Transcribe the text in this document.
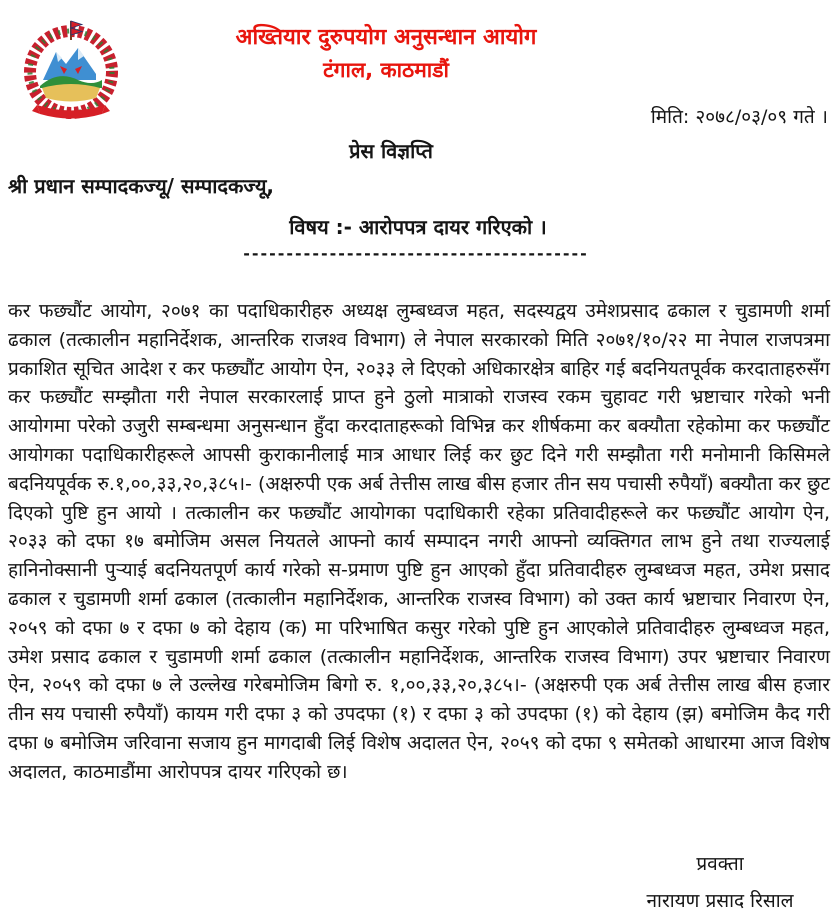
अख्तियार दुरुपयोग अनुसन्धान आयोग
टंगाल, काठमाडौं
मिति: २०७८/०३/०९ गते ।
प्रेस विज्ञप्ति
श्री प्रधान सम्पादकज्यू/ सम्पादकज्यू,
विषय :- आरोपपत्र दायर गरिएको ।
----------------------------------------
कर फछ्यौंट आयोग, २०७१ का पदाधिकारीहरु अध्यक्ष लुम्बध्वज महत, सदस्यद्वय उमेशप्रसाद ढकाल र चुडामणी शर्मा ढकाल (तत्कालीन महानिर्देशक, आन्तरिक राजश्व विभाग) ले नेपाल सरकारको मिति २०७१/१०/२२ मा नेपाल राजपत्रमा प्रकाशित सूचित आदेश र कर फछ्यौंट आयोग ऐन, २०३३ ले दिएको अधिकारक्षेत्र बाहिर गई बदनियतपूर्वक करदाताहरुसँग कर फछ्यौंट सम्झौता गरी नेपाल सरकारलाई प्राप्त हुने ठुलो मात्राको राजस्व रकम चुहावट गरी भ्रष्टाचार गरेको भनी आयोगमा परेको उजुरी सम्बन्धमा अनुसन्धान हुँदा करदाताहरूको विभिन्न कर शीर्षकमा कर बक्यौता रहेकोमा कर फछ्यौंट आयोगका पदाधिकारीहरूले आपसी कुराकानीलाई मात्र आधार लिई कर छुट दिने गरी सम्झौता गरी मनोमानी किसिमले बदनियपूर्वक रु.१,००,३३,२०,३८५।- (अक्षरुपी एक अर्ब तेत्तीस लाख बीस हजार तीन सय पचासी रुपैयाँ) बक्यौता कर छुट दिएको पुष्टि हुन आयो । तत्कालीन कर फछ्यौंट आयोगका पदाधिकारी रहेका प्रतिवादीहरूले कर फछ्यौंट आयोग ऐन, २०३३ को दफा १७ बमोजिम असल नियतले आफ्नो कार्य सम्पादन नगरी आफ्नो व्यक्तिगत लाभ हुने तथा राज्यलाई हानिनोक्सानी पुऱ्याई बदनियतपूर्ण कार्य गरेको स-प्रमाण पुष्टि हुन आएको हुँदा प्रतिवादीहरु लुम्बध्वज महत, उमेश प्रसाद ढकाल र चुडामणी शर्मा ढकाल (तत्कालीन महानिर्देशक, आन्तरिक राजस्व विभाग) को उक्त कार्य भ्रष्टाचार निवारण ऐन, २०५९ को दफा ७ र दफा ७ को देहाय (क) मा परिभाषित कसुर गरेको पुष्टि हुन आएकोले प्रतिवादीहरु लुम्बध्वज महत, उमेश प्रसाद ढकाल र चुडामणी शर्मा ढकाल (तत्कालीन महानिर्देशक, आन्तरिक राजस्व विभाग) उपर भ्रष्टाचार निवारण ऐन, २०५९ को दफा ७ ले उल्लेख गरेबमोजिम बिगो रु. १,००,३३,२०,३८५।- (अक्षरुपी एक अर्ब तेत्तीस लाख बीस हजार तीन सय पचासी रुपैयाँ) कायम गरी दफा ३ को उपदफा (१) र दफा ३ को उपदफा (१) को देहाय (झ) बमोजिम कैद गरी दफा ७ बमोजिम जरिवाना सजाय हुन मागदाबी लिई विशेष अदालत ऐन, २०५९ को दफा ९ समेतको आधारमा आज विशेष अदालत, काठमाडौंमा आरोपपत्र दायर गरिएको छ।
प्रवक्ता
नारायण प्रसाद रिसाल
